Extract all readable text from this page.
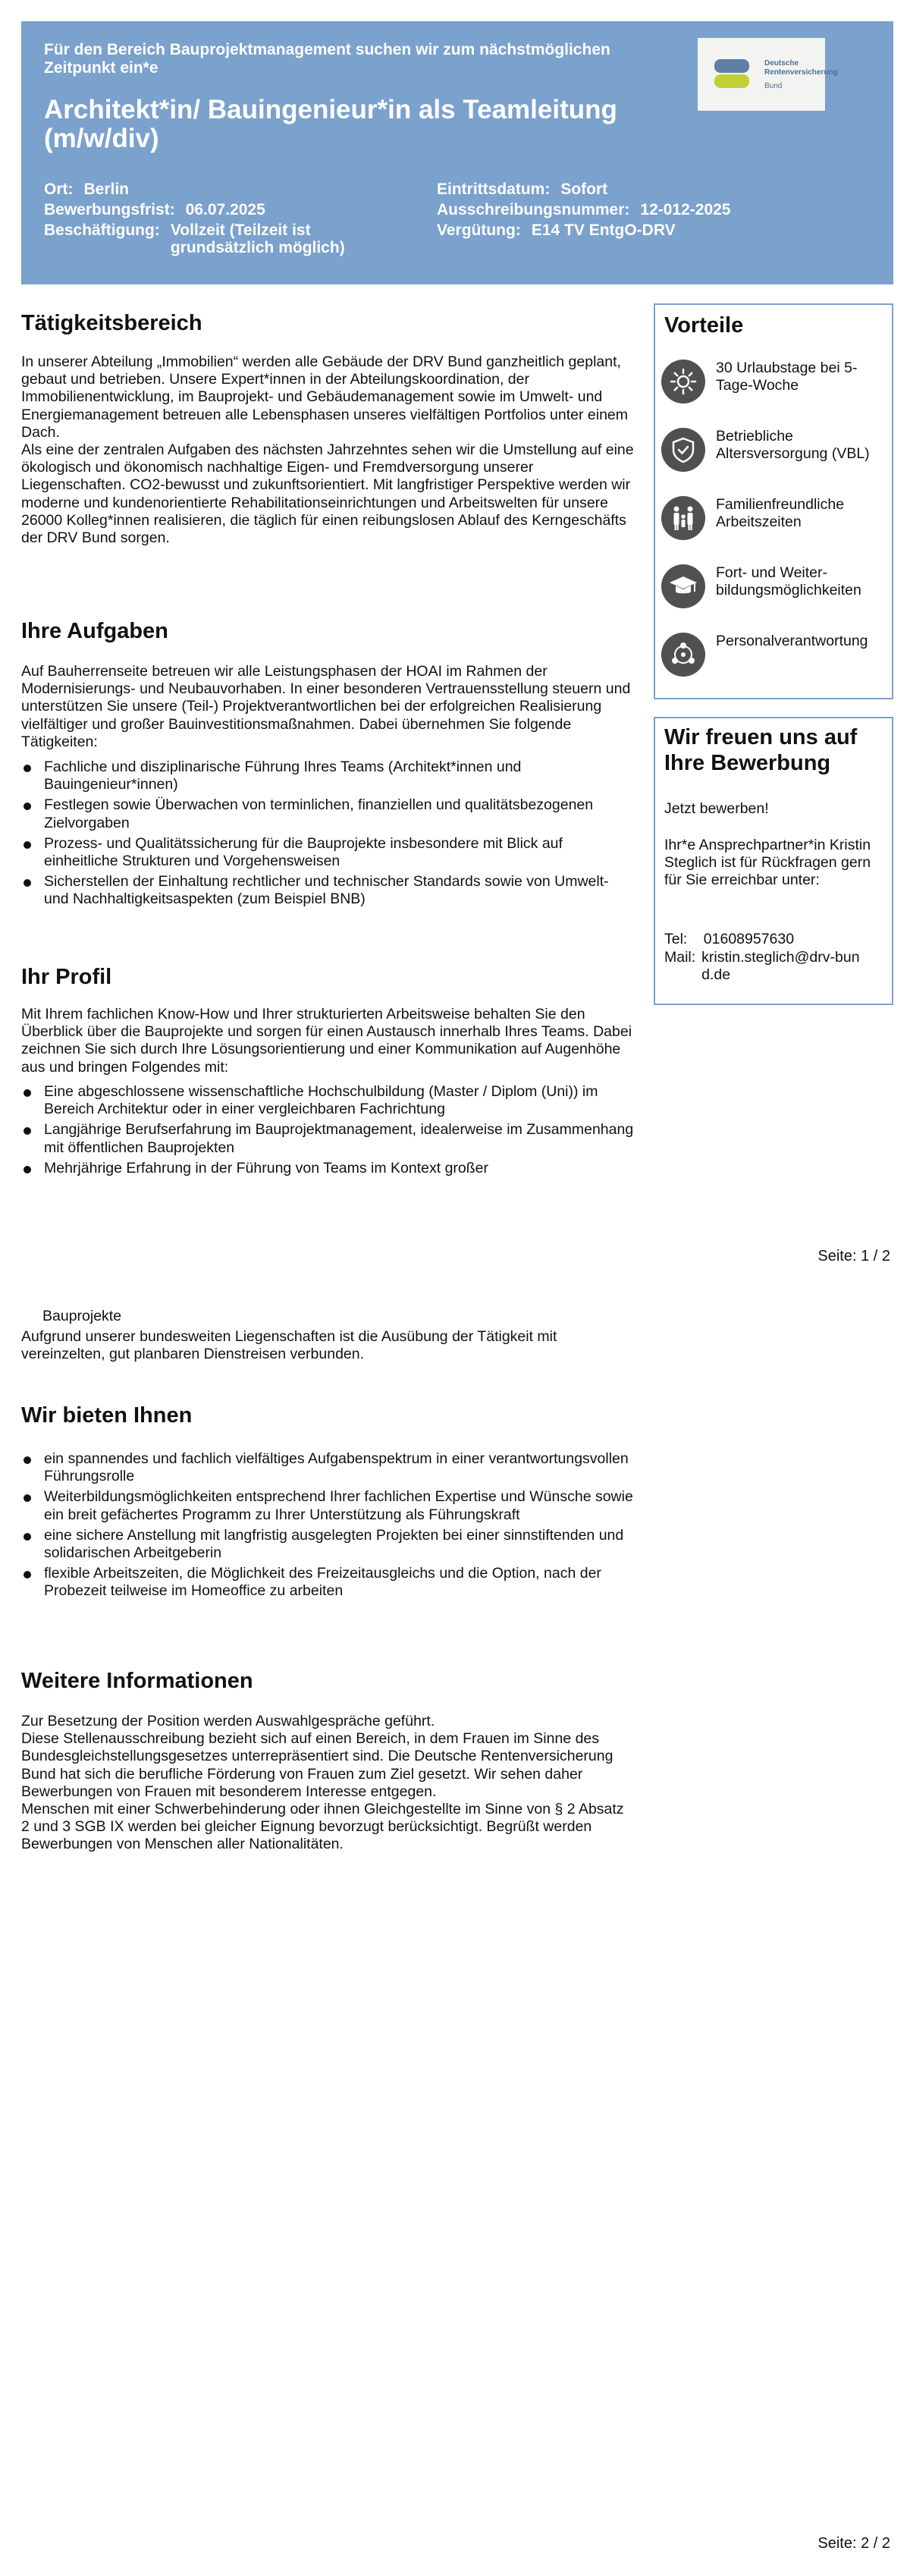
Für den Bereich Bauprojektmanagement suchen wir zum nächstmöglichen Zeitpunkt ein*e
Architekt*in/ Bauingenieur*in als Teamleitung (m/w/div)
Deutsche
Rentenversicherung
Bund
Ort: Berlin
Bewerbungsfrist: 06.07.2025
Beschäftigung: Vollzeit (Teilzeit ist grundsätzlich möglich)
Eintrittsdatum: Sofort
Ausschreibungsnummer: 12-012-2025
Vergütung: E14 TV EntgO-DRV
Tätigkeitsbereich

In unserer Abteilung „Immobilien“ werden alle Gebäude der DRV Bund ganzheitlich geplant, gebaut und betrieben. Unsere Expert*innen in der Abteilungskoordination, der Immobilienentwicklung, im Bauprojekt- und Gebäudemanagement sowie im Umwelt- und Energiemanagement betreuen alle Lebensphasen unseres vielfältigen Portfolios unter einem Dach.
Als eine der zentralen Aufgaben des nächsten Jahrzehntes sehen wir die Umstellung auf eine ökologisch und ökonomisch nachhaltige Eigen- und Fremdversorgung unserer Liegenschaften. CO2-bewusst und zukunftsorientiert. Mit langfristiger Perspektive werden wir moderne und kundenorientierte Rehabilitationseinrichtungen und Arbeitswelten für unsere 26000 Kolleg*innen realisieren, die täglich für einen reibungslosen Ablauf des Kerngeschäfts der DRV Bund sorgen.

Ihre Aufgaben

Auf Bauherrenseite betreuen wir alle Leistungsphasen der HOAI im Rahmen der Modernisierungs- und Neubauvorhaben. In einer besonderen Vertrauensstellung steuern und unterstützen Sie unsere (Teil-) Projektverantwortlichen bei der erfolgreichen Realisierung vielfältiger und großer Bauinvestitionsmaßnahmen. Dabei übernehmen Sie folgende Tätigkeiten:

Fachliche und disziplinarische Führung Ihres Teams (Architekt*innen und Bauingenieur*innen)
Festlegen sowie Überwachen von terminlichen, finanziellen und qualitätsbezogenen Zielvorgaben
Prozess- und Qualitätssicherung für die Bauprojekte insbesondere mit Blick auf einheitliche Strukturen und Vorgehensweisen
Sicherstellen der Einhaltung rechtlicher und technischer Standards sowie von Umwelt- und Nachhaltigkeitsaspekten (zum Beispiel BNB)
Ihr Profil

Mit Ihrem fachlichen Know-How und Ihrer strukturierten Arbeitsweise behalten Sie den Überblick über die Bauprojekte und sorgen für einen Austausch innerhalb Ihres Teams. Dabei zeichnen Sie sich durch Ihre Lösungsorientierung und einer Kommunikation auf Augenhöhe aus und bringen Folgendes mit:

Eine abgeschlossene wissenschaftliche Hochschulbildung (Master / Diplom (Uni)) im Bereich Architektur oder in einer vergleichbaren Fachrichtung
Langjährige Berufserfahrung im Bauprojektmanagement, idealerweise im Zusammenhang mit öffentlichen Bauprojekten
Mehrjährige Erfahrung in der Führung von Teams im Kontext großer
Seite: 1 / 2
Vorteile
30 Urlaubstage bei 5-Tage-Woche
Betriebliche Altersversorgung (VBL)
Familienfreundliche Arbeitszeiten
Fort- und Weiter-bildungsmöglichkeiten
Personalverantwortung
Wir freuen uns auf Ihre Bewerbung
Jetzt bewerben!
Ihr*e Ansprechpartner*in Kristin Steglich ist für Rückfragen gern für Sie erreichbar unter:
Tel: 01608957630
Mail: kristin.steglich@drv-bund.de
Bauprojekte

Aufgrund unserer bundesweiten Liegenschaften ist die Ausübung der Tätigkeit mit vereinzelten, gut planbaren Dienstreisen verbunden.

Wir bieten Ihnen
ein spannendes und fachlich vielfältiges Aufgabenspektrum in einer verantwortungsvollen Führungsrolle
Weiterbildungsmöglichkeiten entsprechend Ihrer fachlichen Expertise und Wünsche sowie ein breit gefächertes Programm zu Ihrer Unterstützung als Führungskraft
eine sichere Anstellung mit langfristig ausgelegten Projekten bei einer sinnstiftenden und solidarischen Arbeitgeberin
flexible Arbeitszeiten, die Möglichkeit des Freizeitausgleichs und die Option, nach der Probezeit teilweise im Homeoffice zu arbeiten
Weitere Informationen

Zur Besetzung der Position werden Auswahlgespräche geführt.
Diese Stellenausschreibung bezieht sich auf einen Bereich, in dem Frauen im Sinne des Bundesgleichstellungsgesetzes unterrepräsentiert sind. Die Deutsche Rentenversicherung Bund hat sich die berufliche Förderung von Frauen zum Ziel gesetzt. Wir sehen daher Bewerbungen von Frauen mit besonderem Interesse entgegen.
Menschen mit einer Schwerbehinderung oder ihnen Gleichgestellte im Sinne von § 2 Absatz 2 und 3 SGB IX werden bei gleicher Eignung bevorzugt berücksichtigt. Begrüßt werden Bewerbungen von Menschen aller Nationalitäten.

Seite: 2 / 2
